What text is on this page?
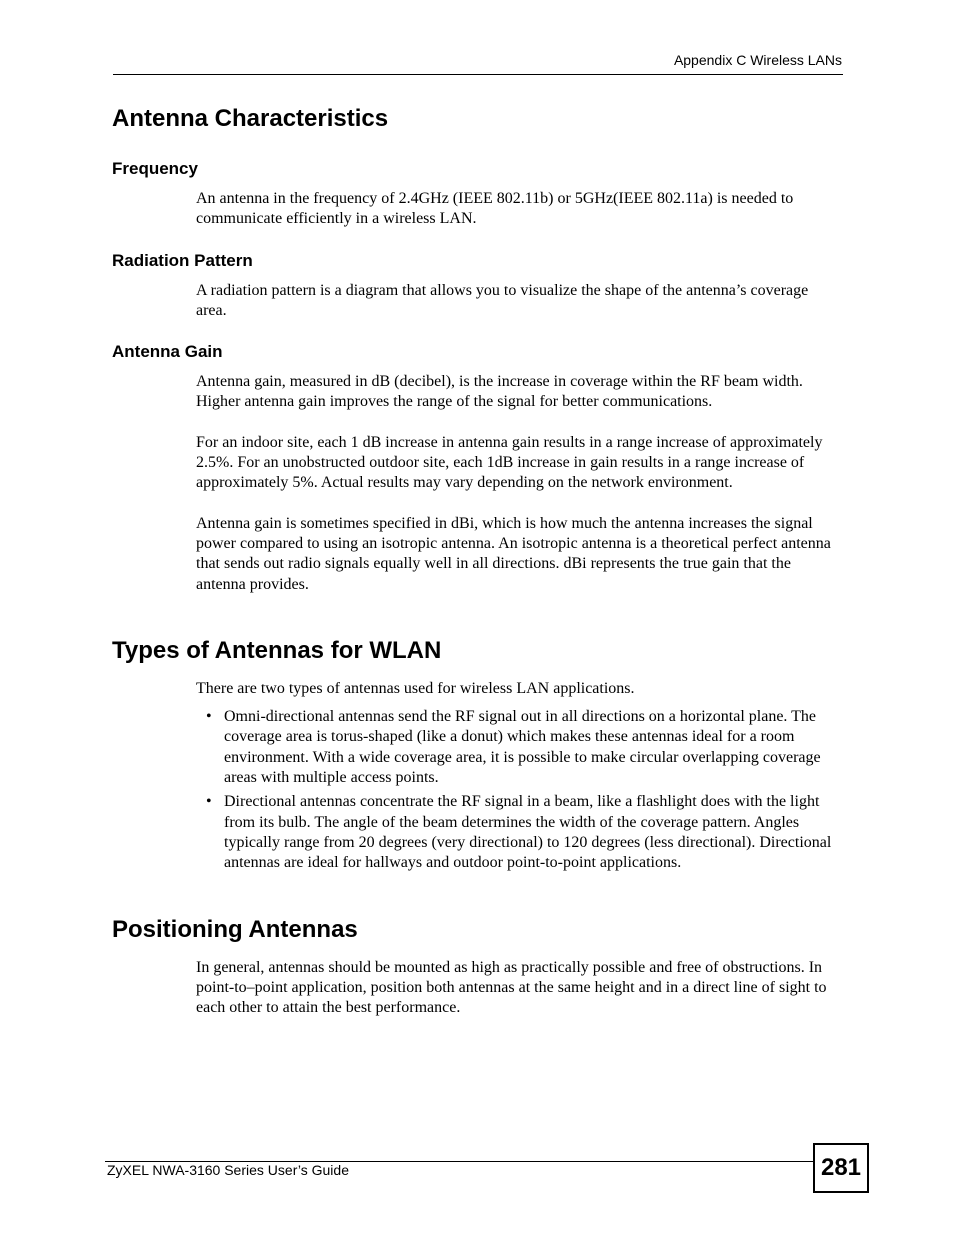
Appendix C Wireless LANs
Antenna Characteristics
Frequency

An antenna in the frequency of 2.4GHz (IEEE 802.11b) or 5GHz(IEEE 802.11a) is needed to communicate efficiently in a wireless LAN.

Radiation Pattern

A radiation pattern is a diagram that allows you to visualize the shape of the antenna’s coverage area.

Antenna Gain

Antenna gain, measured in dB (decibel), is the increase in coverage within the RF beam width. Higher antenna gain improves the range of the signal for better communications.

For an indoor site, each 1 dB increase in antenna gain results in a range increase of approximately 2.5%. For an unobstructed outdoor site, each 1dB increase in gain results in a range increase of approximately 5%. Actual results may vary depending on the network environment.

Antenna gain is sometimes specified in dBi, which is how much the antenna increases the signal power compared to using an isotropic antenna. An isotropic antenna is a theoretical perfect antenna that sends out radio signals equally well in all directions. dBi represents the true gain that the antenna provides.

Types of Antennas for WLAN

There are two types of antennas used for wireless LAN applications.

• Omni-directional antennas send the RF signal out in all directions on a horizontal plane. The coverage area is torus-shaped (like a donut) which makes these antennas ideal for a room environment. With a wide coverage area, it is possible to make circular overlapping coverage areas with multiple access points.
• Directional antennas concentrate the RF signal in a beam, like a flashlight does with the light from its bulb. The angle of the beam determines the width of the coverage pattern. Angles typically range from 20 degrees (very directional) to 120 degrees (less directional). Directional antennas are ideal for hallways and outdoor point-to-point applications.
Positioning Antennas

In general, antennas should be mounted as high as practically possible and free of obstructions. In point-to–point application, position both antennas at the same height and in a direct line of sight to each other to attain the best performance.

ZyXEL NWA-3160 Series User’s Guide	281
